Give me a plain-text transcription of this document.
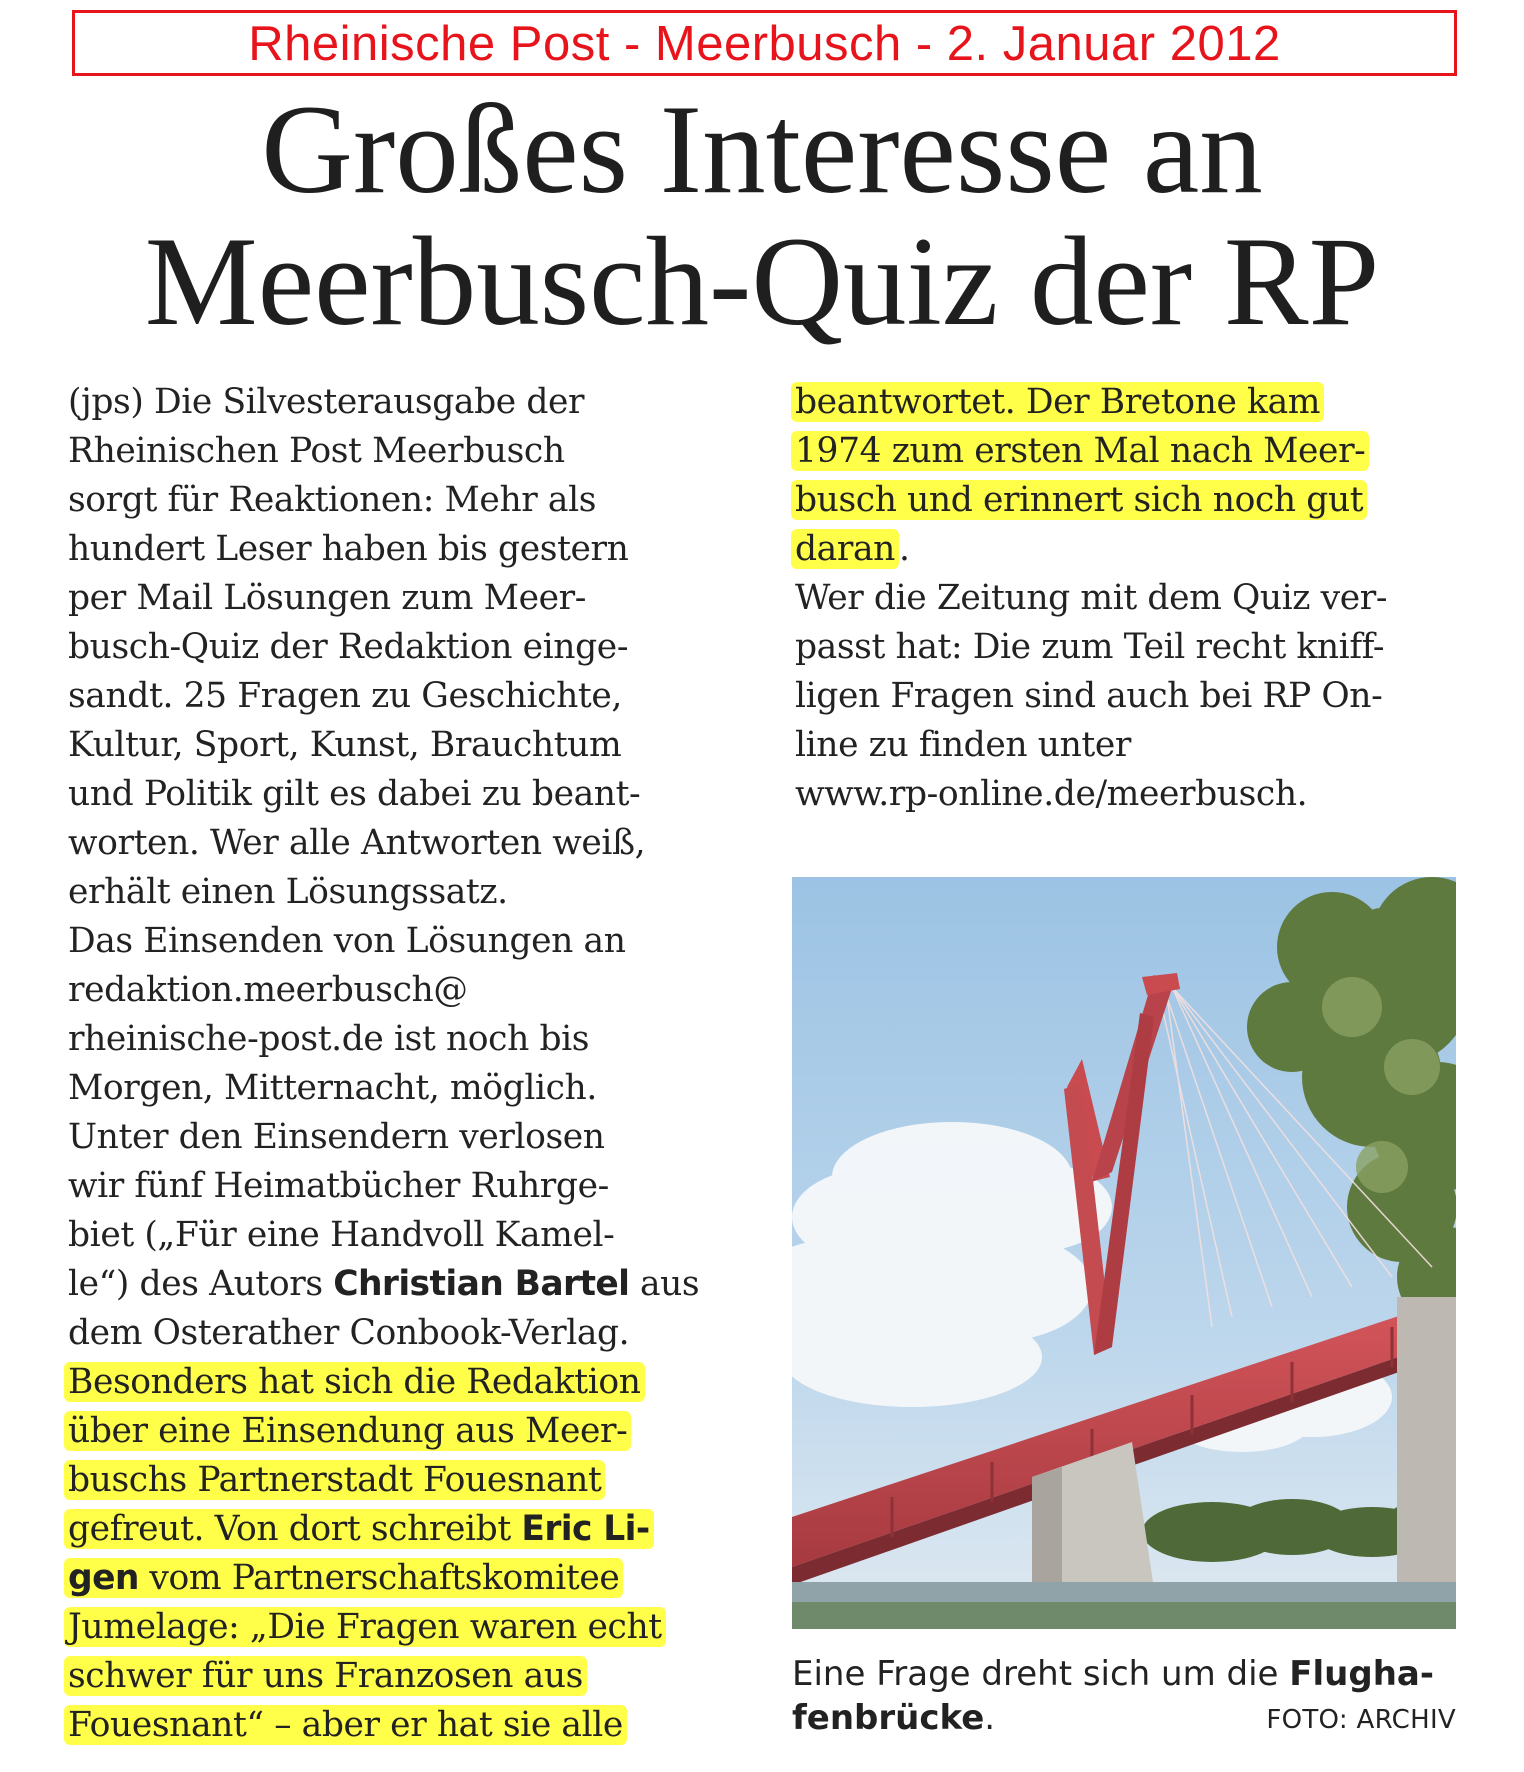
Rheinische Post - Meerbusch - 2. Januar 2012
Großes Interesse an
Meerbusch-Quiz der RP
(jps) Die Silvesterausgabe der
Rheinischen Post Meerbusch
sorgt für Reaktionen: Mehr als
hundert Leser haben bis gestern
per Mail Lösungen zum Meer-
busch-Quiz der Redaktion einge-
sandt. 25 Fragen zu Geschichte,
Kultur, Sport, Kunst, Brauchtum
und Politik gilt es dabei zu beant-
worten. Wer alle Antworten weiß,
erhält einen Lösungssatz.
Das Einsenden von Lösungen an
redaktion.meerbusch@
rheinische-post.de ist noch bis
Morgen, Mitternacht, möglich.
Unter den Einsendern verlosen
wir fünf Heimatbücher Ruhrge-
biet („Für eine Handvoll Kamel-
le“) des Autors Christian Bartel aus
dem Osterather Conbook-Verlag.
Besonders hat sich die Redaktion
über eine Einsendung aus Meer-
buschs Partnerstadt Fouesnant
gefreut. Von dort schreibt Eric Li-
gen vom Partnerschaftskomitee
Jumelage: „Die Fragen waren echt
schwer für uns Franzosen aus
Fouesnant“ – aber er hat sie alle
beantwortet. Der Bretone kam
1974 zum ersten Mal nach Meer-
busch und erinnert sich noch gut
daran .
Wer die Zeitung mit dem Quiz ver-
passt hat: Die zum Teil recht kniff-
ligen Fragen sind auch bei RP On-
line zu finden unter
www.rp-online.de/meerbusch.
Eine Frage dreht sich um die Flugha-
fenbrücke.	FOTO: ARCHIV
